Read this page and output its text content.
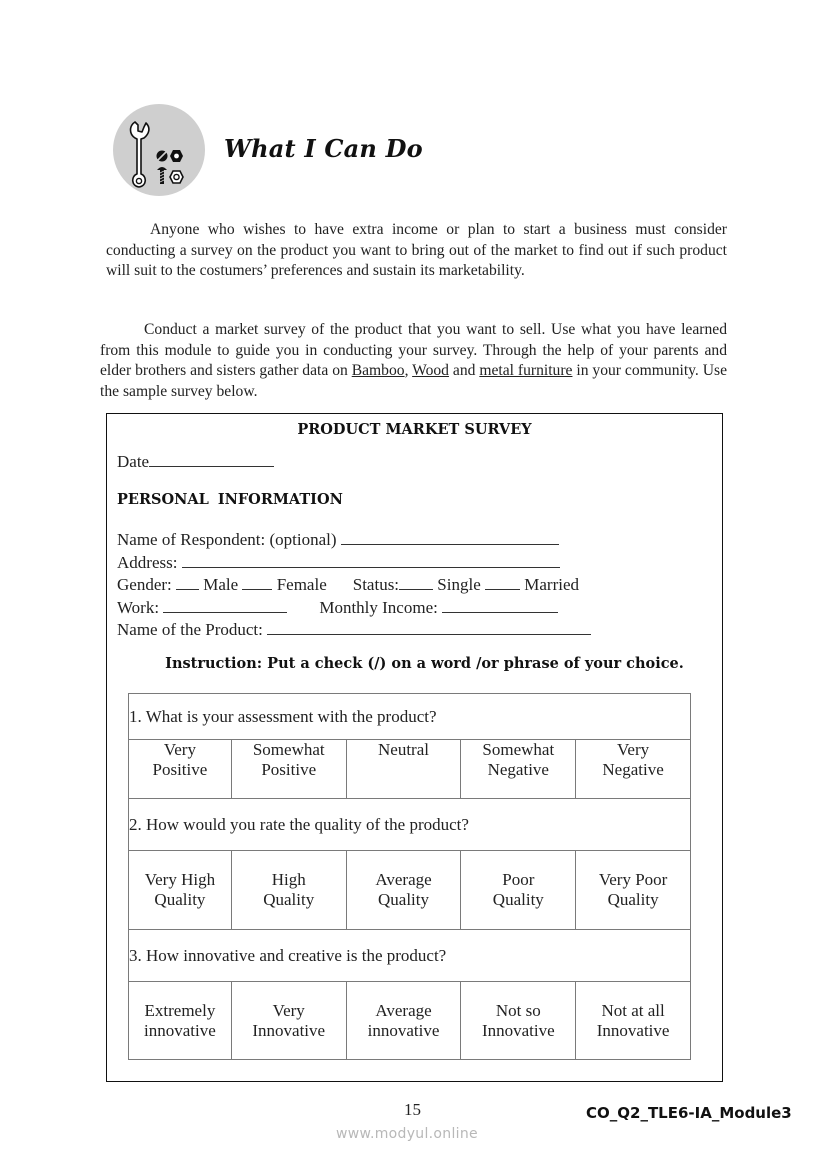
What I Can Do
Anyone who wishes to have extra income or plan to start a business must consider conducting a survey on the product you want to bring out of the market to find out if such product will suit to the costumers’ preferences and sustain its marketability.
Conduct a market survey of the product that you want to sell. Use what you have learned from this module to guide you in conducting your survey. Through the help of your parents and elder brothers and sisters gather data on Bamboo, Wood and metal furniture in your community. Use the sample survey below.
PRODUCT MARKET SURVEY
Date
PERSONAL INFORMATION
Name of Respondent: (optional)
Address:
Gender:  Male  Female Status: Single  Married
Work:	Monthly Income:
Name of the Product:
Instruction: Put a check (/) on a word /or phrase of your choice.
1. What is your assessment with the product?				

Very
Positive

Somewhat
Positive

Neutral	Somewhat
Negative

Very
Negative

2. How would you rate the quality of the product?				

Very High
Quality

High
Quality

Average
Quality

Poor
Quality

Very Poor
Quality

3. How innovative and creative is the product?				

Extremely
innovative

Very
Innovative

Average
innovative

Not so
Innovative

Not at all
Innovative
15	CO_Q2_TLE6-IA_Module3
www.modyul.online
